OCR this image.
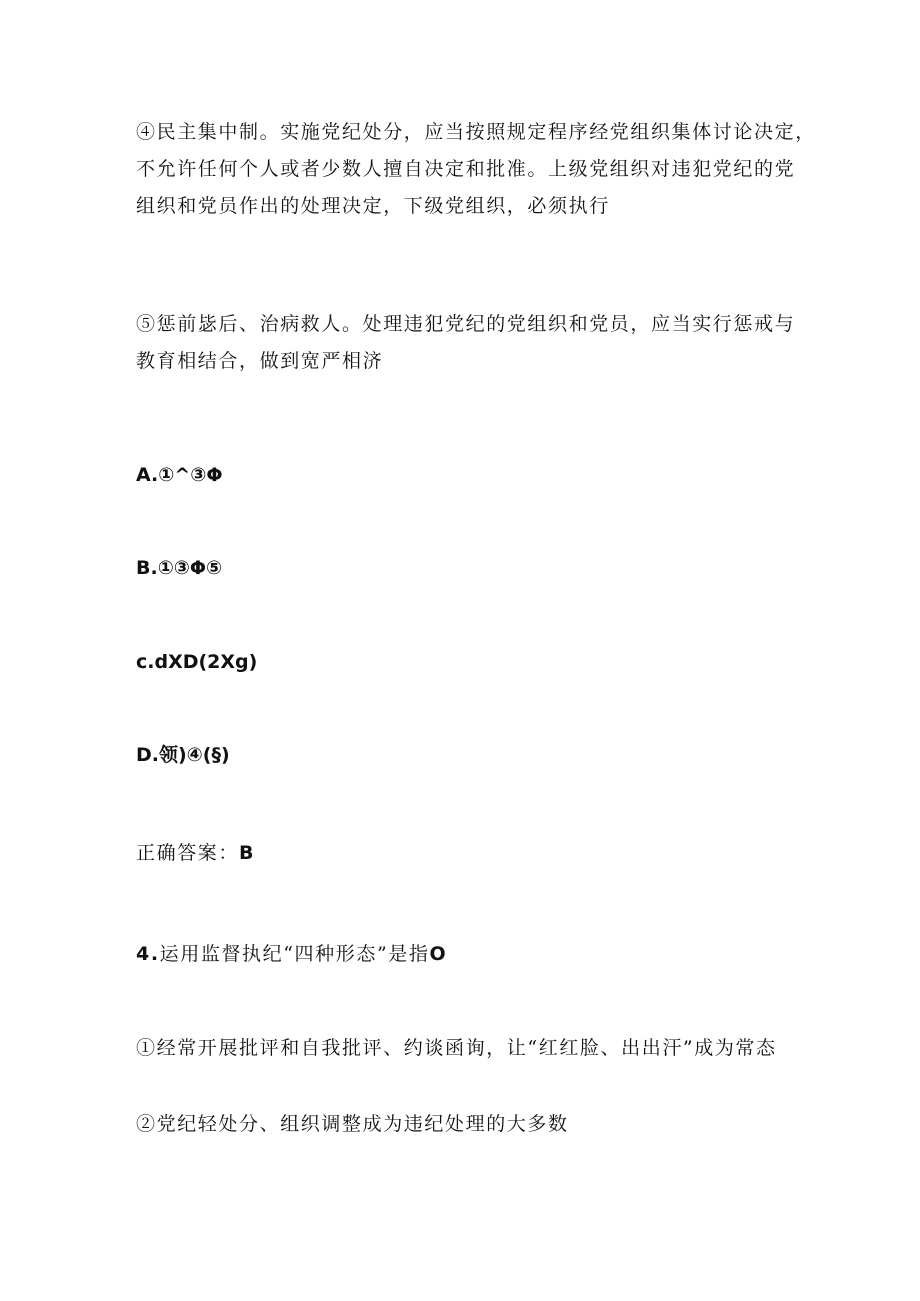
④民主集中制。实施党纪处分，应当按照规定程序经党组织集体讨论决定，
不允许任何个人或者少数人擅自决定和批准。上级党组织对违犯党纪的党
组织和党员作出的处理决定，下级党组织，必须执行

⑤惩前毖后、治病救人。处理违犯党纪的党组织和党员，应当实行惩戒与
教育相结合，做到宽严相济

A.①^③Φ

B.①③Φ⑤

c.dXD(2Xg)

D.领)④(§)

正确答案：B

4.运用监督执纪“四种形态”是指O

①经常开展批评和自我批评、约谈函询，让“红红脸、出出汗”成为常态

②党纪轻处分、组织调整成为违纪处理的大多数
